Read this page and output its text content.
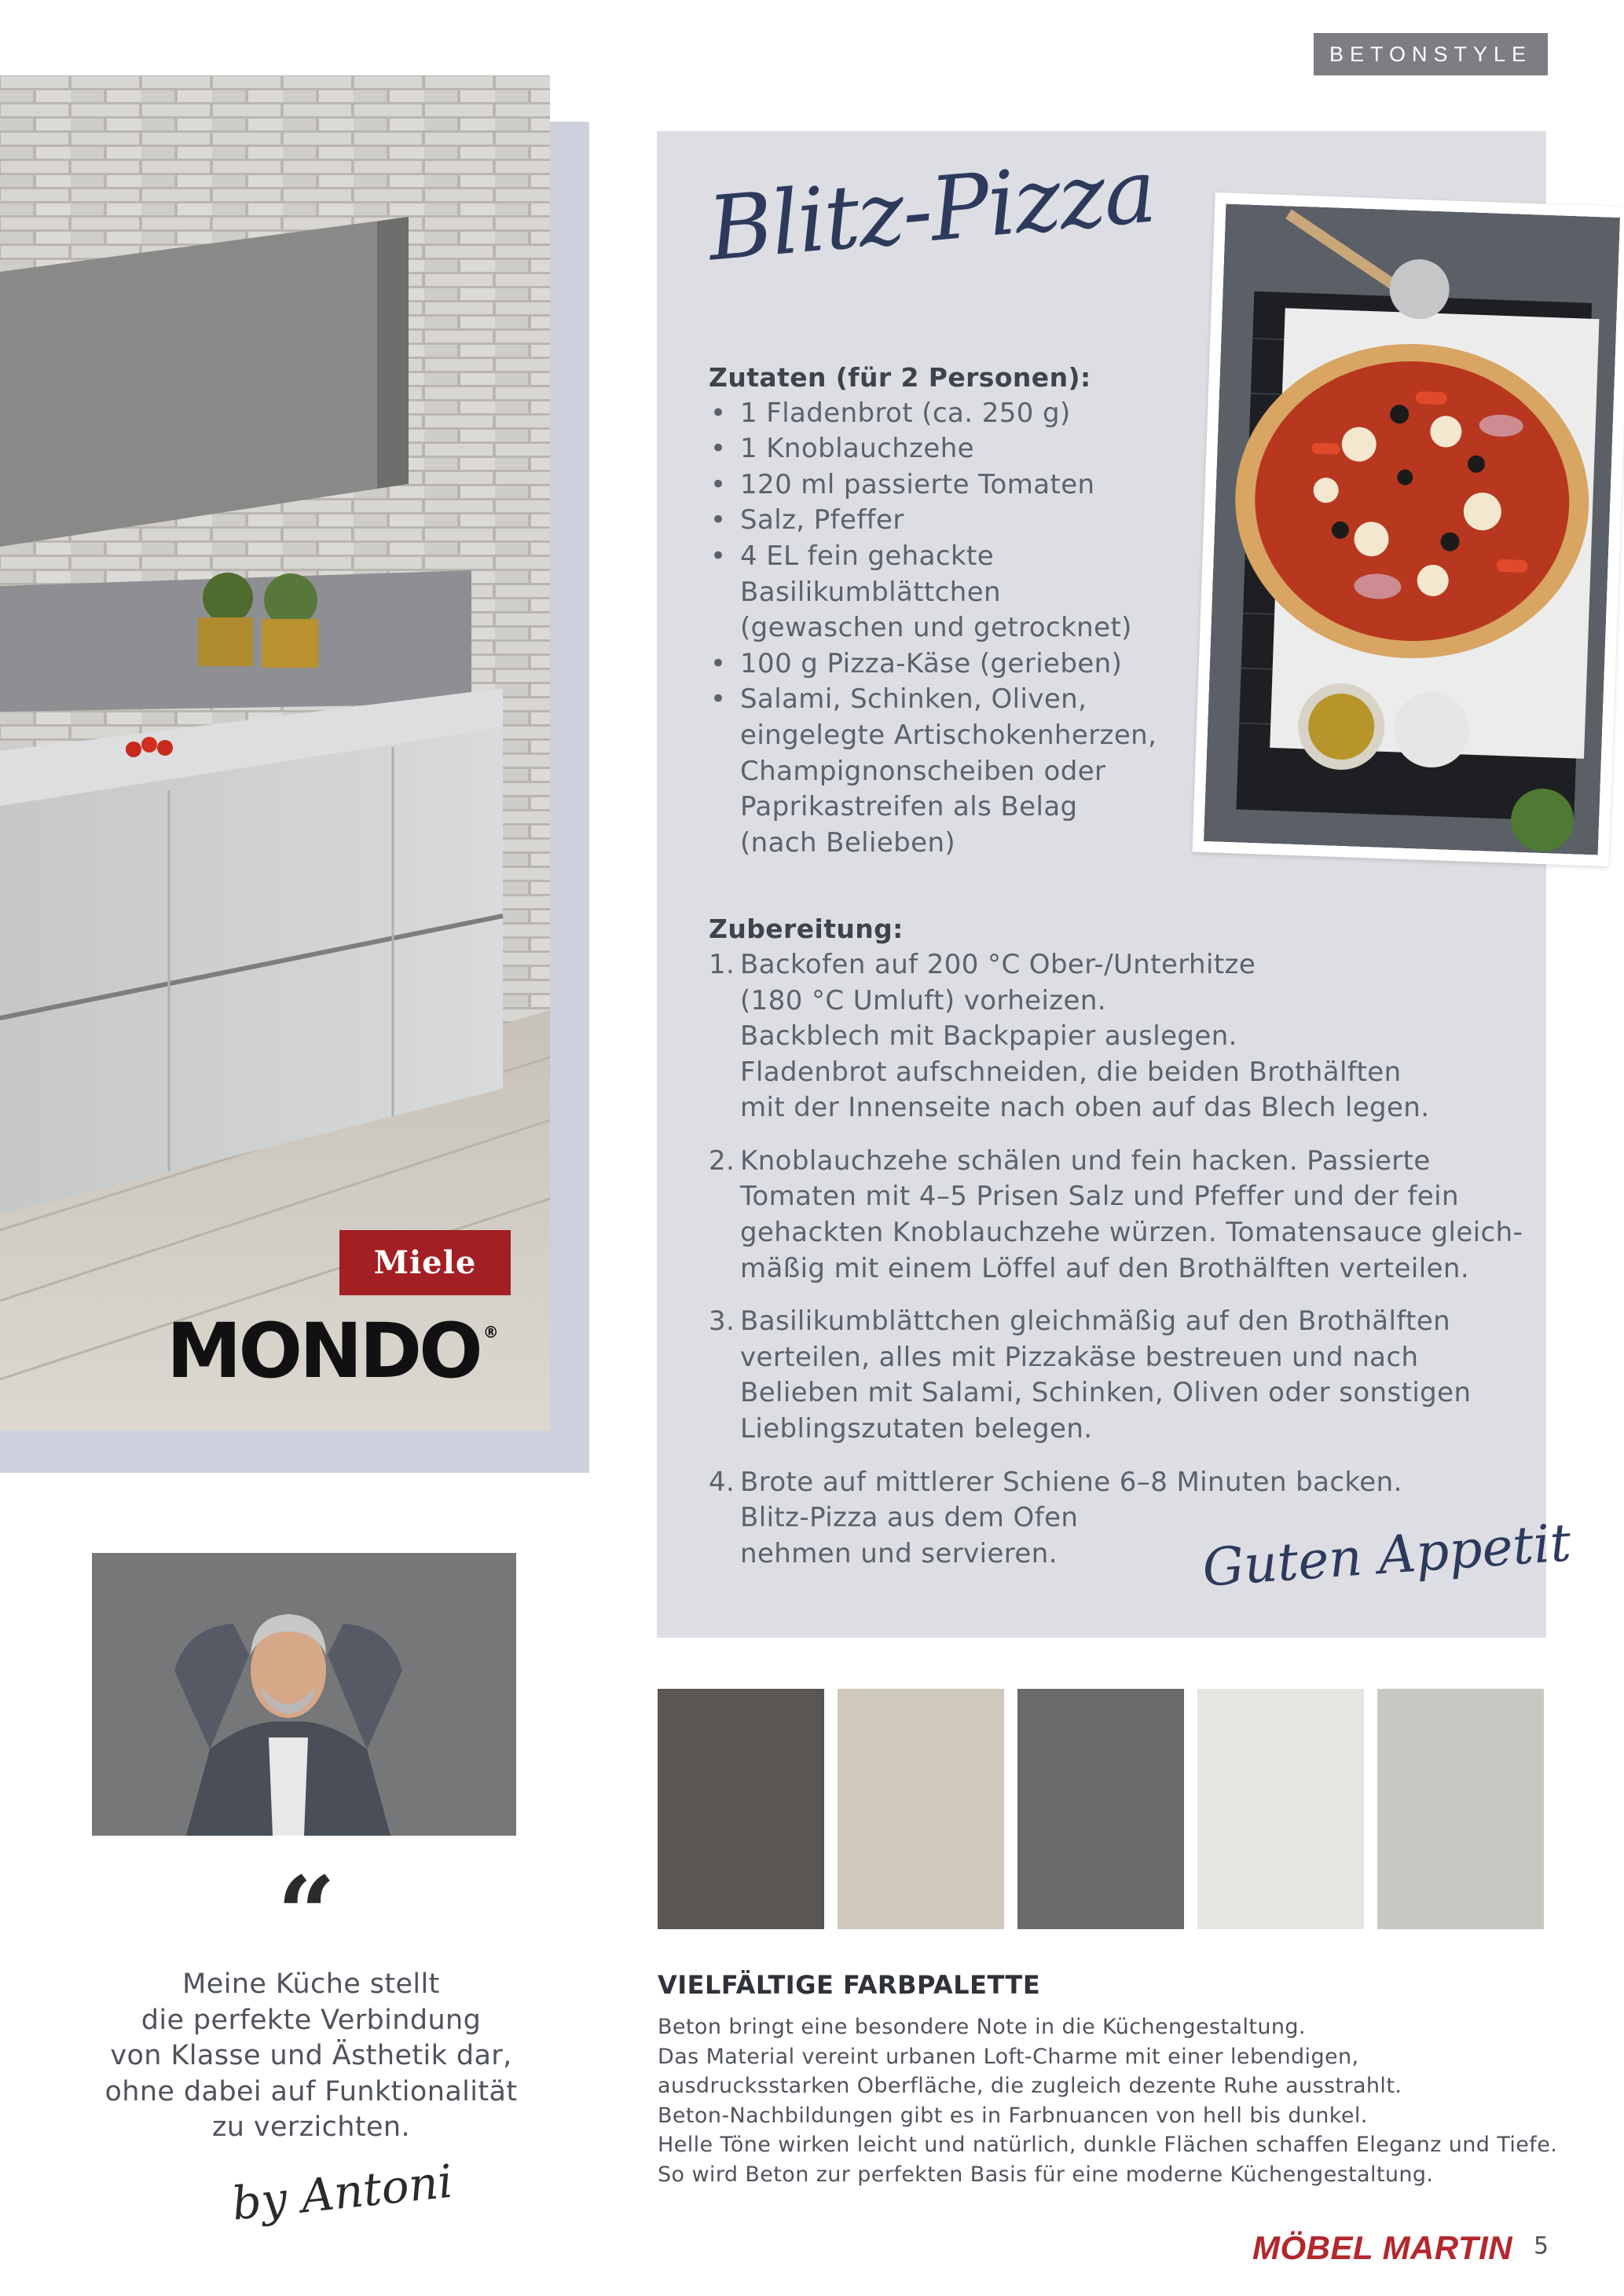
BETONSTYLE
Miele
MONDO ®
Blitz-Pizza
Zutaten (für 2 Personen):
• 1 Fladenbrot (ca. 250 g)
• 1 Knoblauchzehe
• 120 ml passierte Tomaten
• Salz, Pfeffer
• 4 EL fein gehackte
Basilikumblättchen
(gewaschen und getrocknet)
• 100 g Pizza-Käse (gerieben)
• Salami, Schinken, Oliven,
eingelegte Artischokenherzen,
Champignonscheiben oder
Paprikastreifen als Belag
(nach Belieben)
Zubereitung:
1. Backofen auf 200 °C Ober-/Unterhitze
(180 °C Umluft) vorheizen.
Backblech mit Backpapier auslegen.
Fladenbrot aufschneiden, die beiden Brothälften
mit der Innenseite nach oben auf das Blech legen.
2. Knoblauchzehe schälen und fein hacken. Passierte
Tomaten mit 4–5 Prisen Salz und Pfeffer und der fein
gehackten Knoblauchzehe würzen. Tomatensauce gleich-
mäßig mit einem Löffel auf den Brothälften verteilen.
3. Basilikumblättchen gleichmäßig auf den Brothälften
verteilen, alles mit Pizzakäse bestreuen und nach
Belieben mit Salami, Schinken, Oliven oder sonstigen
Lieblingszutaten belegen.
4. Brote auf mittlerer Schiene 6–8 Minuten backen.
Blitz-Pizza aus dem Ofen
nehmen und servieren.	Guten Appetit
“
Meine Küche stellt
die perfekte Verbindung
von Klasse und Ästhetik dar,
ohne dabei auf Funktionalität
zu verzichten.
by Antoni
VIELFÄLTIGE FARBPALETTE
Beton bringt eine besondere Note in die Küchengestaltung.
Das Material vereint urbanen Loft-Charme mit einer lebendigen,
ausdrucksstarken Oberfläche, die zugleich dezente Ruhe ausstrahlt.
Beton-Nachbildungen gibt es in Farbnuancen von hell bis dunkel.
Helle Töne wirken leicht und natürlich, dunkle Flächen schaffen Eleganz und Tiefe.
So wird Beton zur perfekten Basis für eine moderne Küchengestaltung.
MÖBEL MARTIN 5
